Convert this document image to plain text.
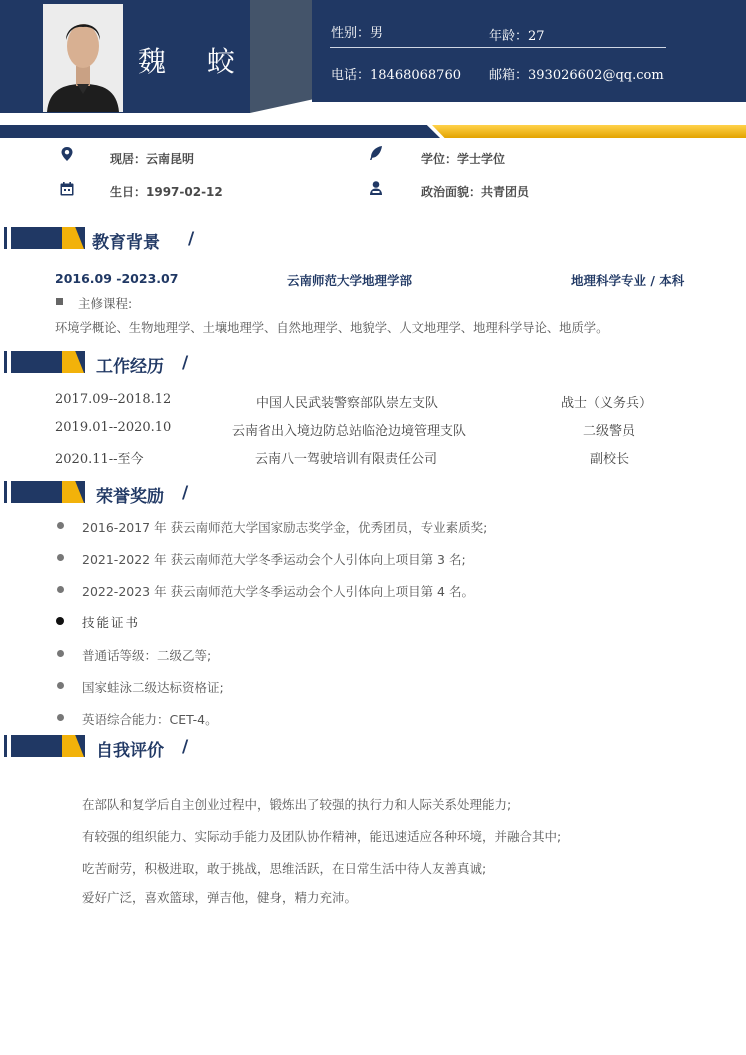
魏 蛟
性别：男	年龄：27
电话：18468068760 邮箱：393026602@qq.com
现居：云南昆明	学位：学士学位
生日：1997-02-12	政治面貌：共青团员
教育背景 /
2016.09 -2023.07	云南师范大学地理学部	地理科学专业 / 本科
主修课程:
环境学概论、生物地理学、土壤地理学、自然地理学、地貌学、人文地理学、地理科学导论、地质学。
工作经历 /
2017.09--2018.12	中国人民武装警察部队崇左支队	战士（义务兵）
2019.01--2020.10	云南省出入境边防总站临沧边境管理支队	二级警员
2020.11--至今	云南八一驾驶培训有限责任公司	副校长
荣誉奖励 /
2016-2017 年 获云南师范大学国家励志奖学金，优秀团员，专业素质奖;
2021-2022 年 获云南师范大学冬季运动会个人引体向上项目第 3 名;
2022-2023 年 获云南师范大学冬季运动会个人引体向上项目第 4 名。
技能证书
普通话等级：二级乙等;
国家蛙泳二级达标资格证;
英语综合能力：CET-4。
自我评价 /
在部队和复学后自主创业过程中，锻炼出了较强的执行力和人际关系处理能力;
有较强的组织能力、实际动手能力及团队协作精神，能迅速适应各种环境，并融合其中;
吃苦耐劳，积极进取，敢于挑战，思维活跃，在日常生活中待人友善真诚;
爱好广泛，喜欢篮球，弹吉他，健身，精力充沛。
